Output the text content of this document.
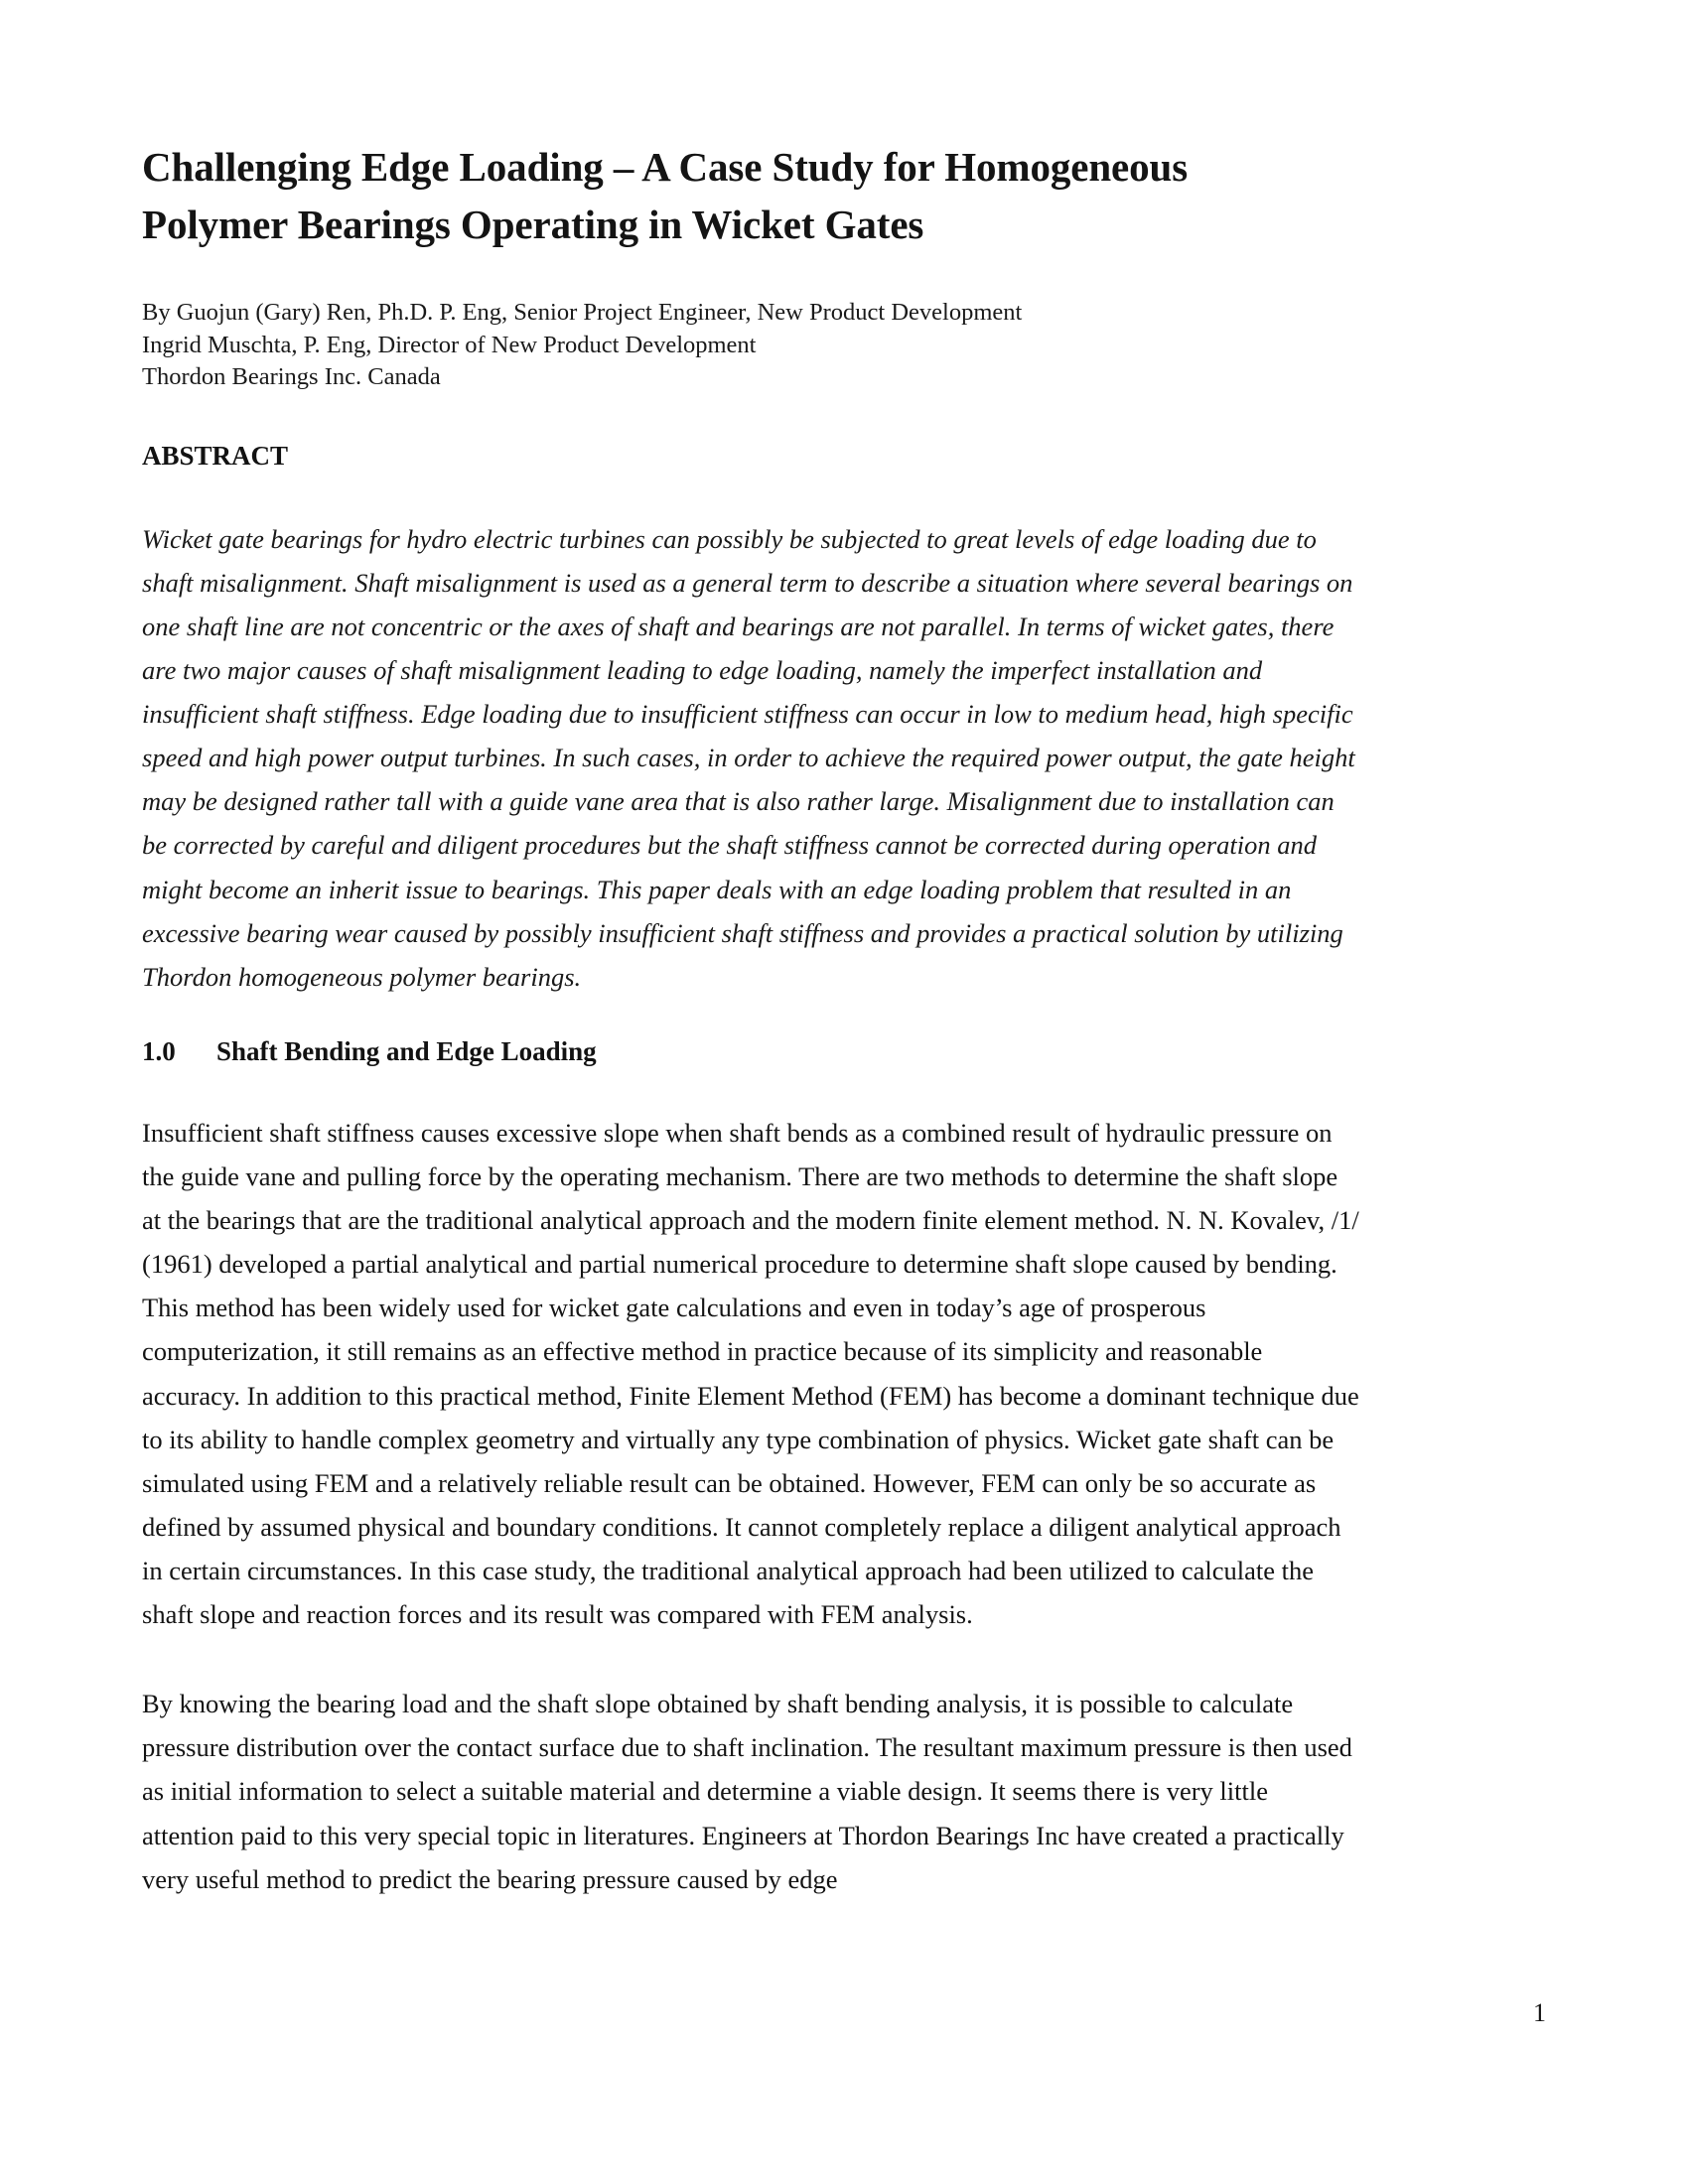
Challenging Edge Loading – A Case Study for Homogeneous
Polymer Bearings Operating in Wicket Gates
By Guojun (Gary) Ren, Ph.D. P. Eng, Senior Project Engineer, New Product Development
Ingrid Muschta, P. Eng, Director of New Product Development
Thordon Bearings Inc. Canada
ABSTRACT

Wicket gate bearings for hydro electric turbines can possibly be subjected to great levels of edge loading due to shaft misalignment. Shaft misalignment is used as a general term to describe a situation where several bearings on one shaft line are not concentric or the axes of shaft and bearings are not parallel. In terms of wicket gates, there are two major causes of shaft misalignment leading to edge loading, namely the imperfect installation and insufficient shaft stiffness. Edge loading due to insufficient stiffness can occur in low to medium head, high specific speed and high power output turbines. In such cases, in order to achieve the required power output, the gate height may be designed rather tall with a guide vane area that is also rather large. Misalignment due to installation can be corrected by careful and diligent procedures but the shaft stiffness cannot be corrected during operation and might become an inherit issue to bearings. This paper deals with an edge loading problem that resulted in an excessive bearing wear caused by possibly insufficient shaft stiffness and provides a practical solution by utilizing Thordon homogeneous polymer bearings.

1.0	Shaft Bending and Edge Loading

Insufficient shaft stiffness causes excessive slope when shaft bends as a combined result of hydraulic pressure on the guide vane and pulling force by the operating mechanism. There are two methods to determine the shaft slope at the bearings that are the traditional analytical approach and the modern finite element method. N. N. Kovalev, /1/ (1961) developed a partial analytical and partial numerical procedure to determine shaft slope caused by bending. This method has been widely used for wicket gate calculations and even in today’s age of prosperous computerization, it still remains as an effective method in practice because of its simplicity and reasonable accuracy. In addition to this practical method, Finite Element Method (FEM) has become a dominant technique due to its ability to handle complex geometry and virtually any type combination of physics. Wicket gate shaft can be simulated using FEM and a relatively reliable result can be obtained. However, FEM can only be so accurate as defined by assumed physical and boundary conditions. It cannot completely replace a diligent analytical approach in certain circumstances. In this case study, the traditional analytical approach had been utilized to calculate the shaft slope and reaction forces and its result was compared with FEM analysis.

By knowing the bearing load and the shaft slope obtained by shaft bending analysis, it is possible to calculate pressure distribution over the contact surface due to shaft inclination. The resultant maximum pressure is then used as initial information to select a suitable material and determine a viable design. It seems there is very little attention paid to this very special topic in literatures. Engineers at Thordon Bearings Inc have created a practically very useful method to predict the bearing pressure caused by edge

1
